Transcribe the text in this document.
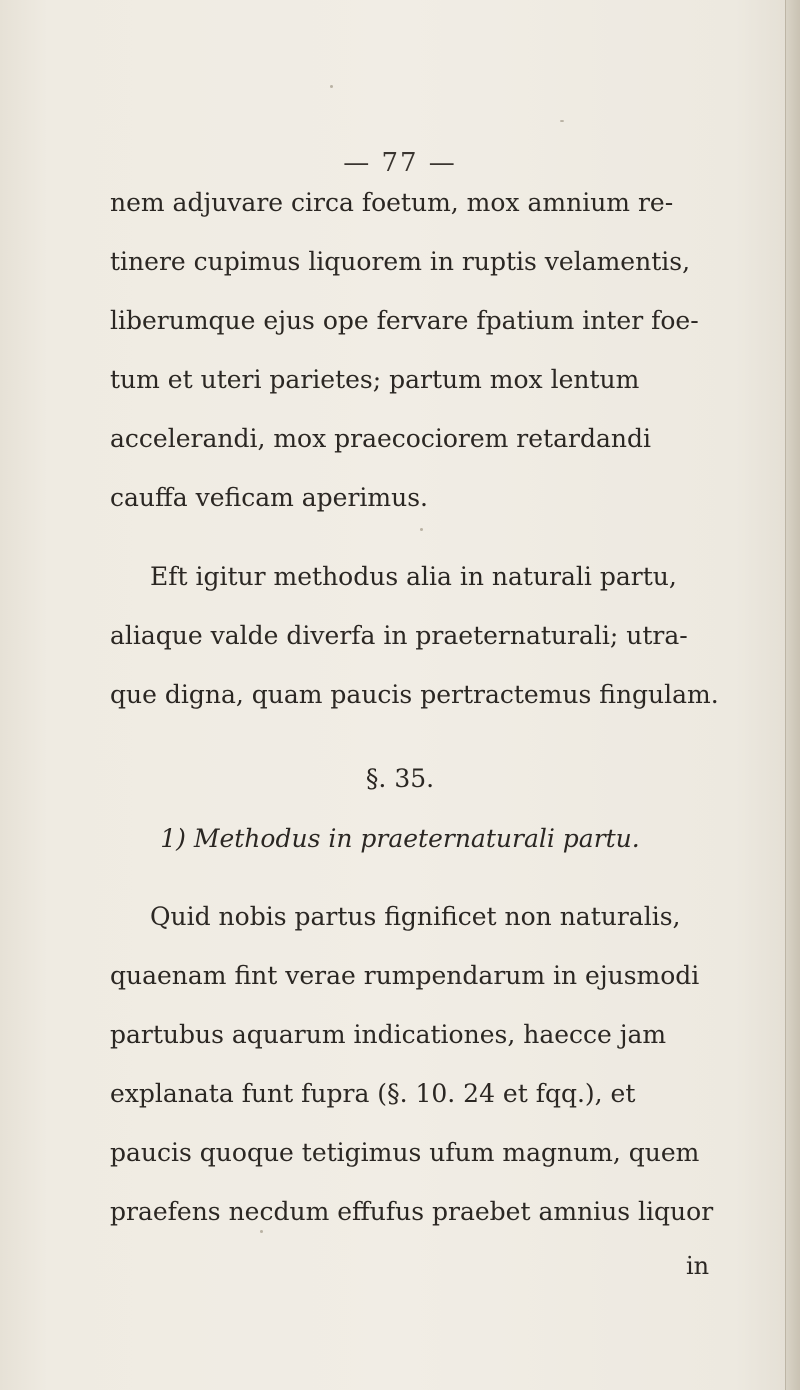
— 77 —
nem adjuvare circa foetum, mox amnium re-
tinere cupimus liquorem in ruptis velamentis,
liberumque ejus ope fervare fpatium inter foe-
tum et uteri parietes; partum mox lentum
accelerandi, mox praecociorem retardandi
cauffa veficam aperimus.
Eft igitur methodus alia in naturali partu,
aliaque valde diverfa in praeternaturali; utra-
que digna, quam paucis pertractemus fingulam.
§. 35.
1) Methodus in praeternaturali partu.
Quid nobis partus fignificet non naturalis,
quaenam fint verae rumpendarum in ejusmodi
partubus aquarum indicationes, haecce jam
explanata funt fupra (§. 10. 24 et fqq.), et
paucis quoque tetigimus ufum magnum, quem
praefens necdum effufus praebet amnius liquor
in
